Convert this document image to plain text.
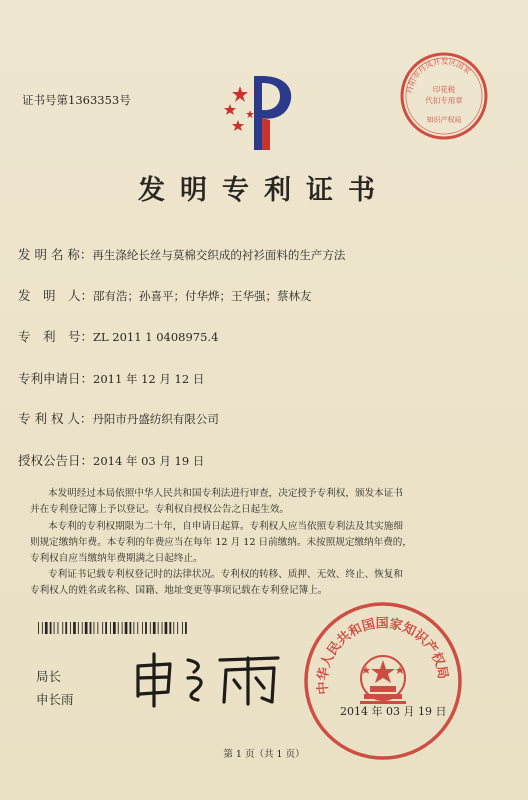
证书号第1363353号
丹阳市丹凤开发区国家
印花税
代扣专用章
知识产权局
发明专利证书
发 明 名 称：再生涤纶长丝与莫棉交织成的衬衫面料的生产方法
发　明　人：邵有浩；孙喜平；付华烨；王华强；蔡林友
专　利　号：ZL 2011 1 0408975.4
专利申请日：2011 年 12 月 12 日
专 利 权 人：丹阳市丹盛纺织有限公司
授权公告日：2014 年 03 月 19 日
本发明经过本局依照中华人民共和国专利法进行审查，决定授予专利权，颁发本证书
并在专利登记簿上予以登记。专利权自授权公告之日起生效。
本专利的专利权期限为二十年，自申请日起算。专利权人应当依照专利法及其实施细
则规定缴纳年费。本专利的年费应当在每年 12 月 12 日前缴纳。未按照规定缴纳年费的，
专利权自应当缴纳年费期满之日起终止。
专利证书记载专利权登记时的法律状况。专利权的转移、质押、无效、终止、恢复和
专利权人的姓名或名称、国籍、地址变更等事项记载在专利登记簿上。
局长
申长雨
中华人民共和国国家知识产权局
2014 年 03 月 19 日
第 1 页（共 1 页）
